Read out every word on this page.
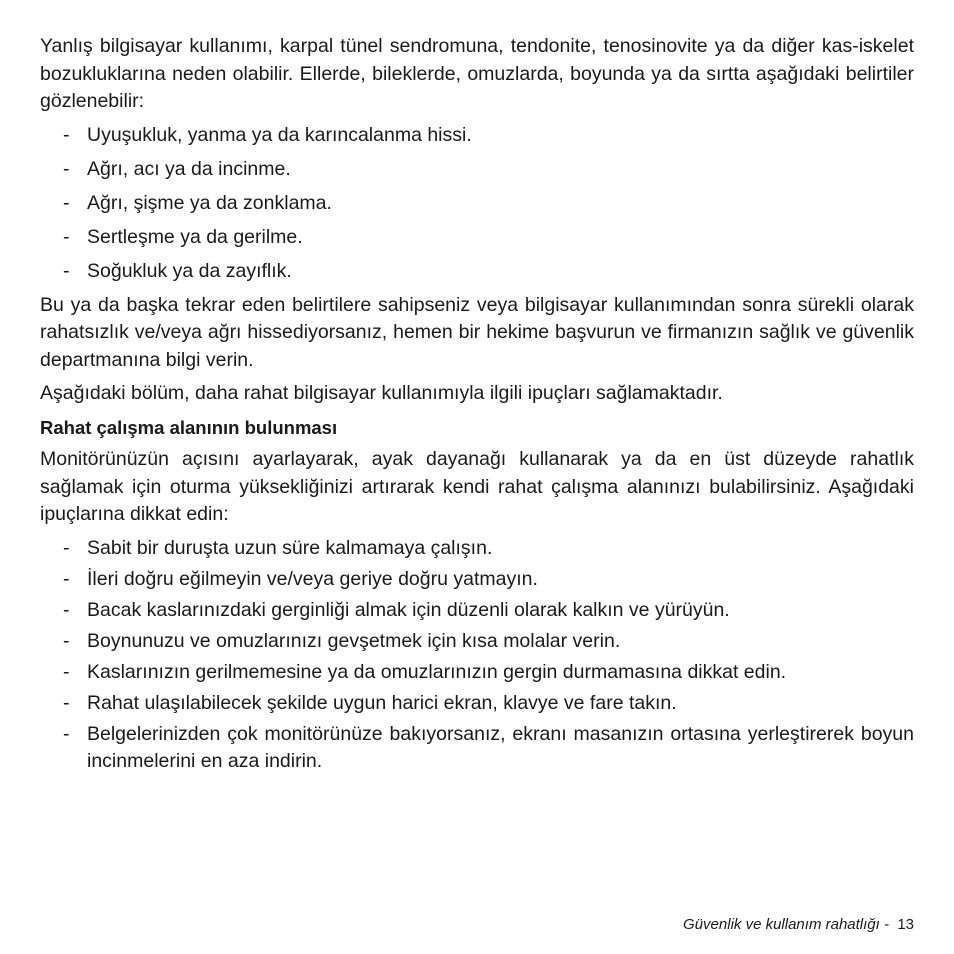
Yanlış bilgisayar kullanımı, karpal tünel sendromuna, tendonite, tenosinovite ya da diğer kas-iskelet bozukluklarına neden olabilir. Ellerde, bileklerde, omuzlarda, boyunda ya da sırtta aşağıdaki belirtiler gözlenebilir:

- Uyuşukluk, yanma ya da karıncalanma hissi.
- Ağrı, acı ya da incinme.
- Ağrı, şişme ya da zonklama.
- Sertleşme ya da gerilme.
- Soğukluk ya da zayıflık.

Bu ya da başka tekrar eden belirtilere sahipseniz veya bilgisayar kullanımından sonra sürekli olarak rahatsızlık ve/veya ağrı hissediyorsanız, hemen bir hekime başvurun ve firmanızın sağlık ve güvenlik departmanına bilgi verin.

Aşağıdaki bölüm, daha rahat bilgisayar kullanımıyla ilgili ipuçları sağlamaktadır.

Rahat çalışma alanının bulunması

Monitörünüzün açısını ayarlayarak, ayak dayanağı kullanarak ya da en üst düzeyde rahatlık sağlamak için oturma yüksekliğinizi artırarak kendi rahat çalışma alanınızı bulabilirsiniz. Aşağıdaki ipuçlarına dikkat edin:

- Sabit bir duruşta uzun süre kalmamaya çalışın.
- İleri doğru eğilmeyin ve/veya geriye doğru yatmayın.
- Bacak kaslarınızdaki gerginliği almak için düzenli olarak kalkın ve yürüyün.
- Boynunuzu ve omuzlarınızı gevşetmek için kısa molalar verin.
- Kaslarınızın gerilmemesine ya da omuzlarınızın gergin durmamasına dikkat edin.
- Rahat ulaşılabilecek şekilde uygun harici ekran, klavye ve fare takın.
- Belgelerinizden çok monitörünüze bakıyorsanız, ekranı masanızın ortasına yerleştirerek boyun incinmelerini en aza indirin.
Güvenlik ve kullanım rahatlığı - 13
